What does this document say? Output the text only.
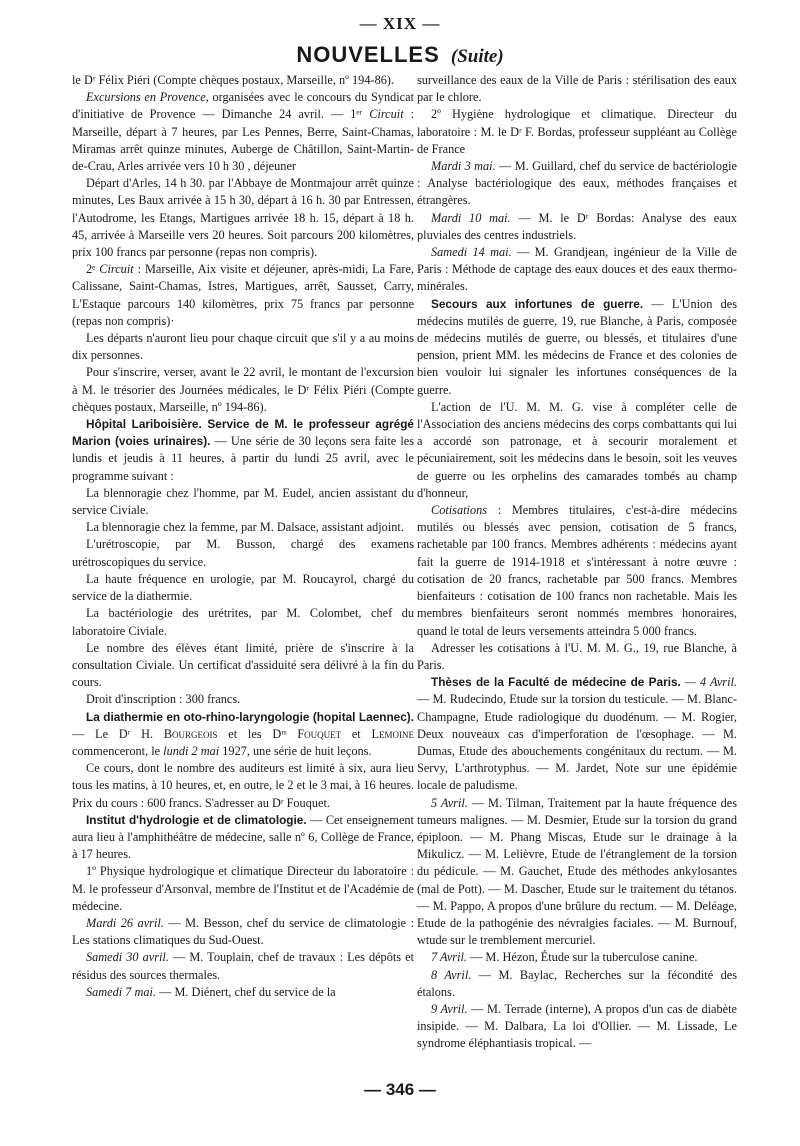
— XIX —
NOUVELLES (Suite)

le Dʳ Félix Piéri (Compte chèques postaux, Marseille, nº 194-86).

Excursions en Provence, organisées avec le concours du Syndicat d'initiative de Provence — Dimanche 24 avril. — 1ᵉʳ Circuit : Marseille, départ à 7 heures, par Les Pennes, Berre, Saint-Chamas, Miramas arrêt quinze minutes, Auberge de Châtillon, Saint-Martin-de-Crau, Arles arrivée vers 10 h 30 , déjeuner

Départ d'Arles, 14 h 30. par l'Abbaye de Montmajour arrêt quinze minutes, Les Baux arrivée à 15 h 30, départ à 16 h. 30 par Entressen, l'Autodrome, les Etangs, Martigues arrivée 18 h. 15, départ à 18 h. 45, arrivée à Marseille vers 20 heures. Soit parcours 200 kilomètres, prix 100 francs par personne (repas non compris).

2ᵉ Circuit : Marseille, Aix visite et déjeuner, après-midi, La Fare, Calissane, Saint-Chamas, Istres, Martigues, arrêt, Sausset, Carry, L'Estaque parcours 140 kilomètres, prix 75 francs par personne (repas non compris)·

Les départs n'auront lieu pour chaque circuit que s'il y a au moins dix personnes.

Pour s'inscrire, verser, avant le 22 avril, le montant de l'excursion à M. le trésorier des Journées médicales, le Dʳ Félix Piéri (Compte chèques postaux, Marseille, nº 194-86).

Hôpital Lariboisière. Service de M. le professeur agrégé Marion (voies urinaires). — Une série de 30 leçons sera faite les lundis et jeudis à 11 heures, à partir du lundi 25 avril, avec le programme suivant :

La blennoragie chez l'homme, par M. Eudel, ancien assistant du service Civiale.

La blennoragie chez la femme, par M. Dalsace, assistant adjoint.

L'urétroscopie, par M. Busson, chargé des examens urétroscopiques du service.

La haute fréquence en urologie, par M. Roucayrol, chargé du service de la diathermie.

La bactériologie des urétrites, par M. Colombet, chef du laboratoire Civiale.

Le nombre des élèves étant limité, prière de s'inscrire à la consultation Civiale. Un certificat d'assiduité sera délivré à la fin du cours.

Droit d'inscription : 300 francs.

La diathermie en oto-rhino-laryngologie (hopital Laennec). — Le Dʳ H. Bourgeois et les Dʳˢ Fouquet et Lemoine commenceront, le lundi 2 mai 1927, une série de huit leçons.

Ce cours, dont le nombre des auditeurs est limité à six, aura lieu tous les matins, à 10 heures, et, en outre, le 2 et le 3 mai, à 16 heures. Prix du cours : 600 francs. S'adresser au Dʳ Fouquet.

Institut d'hydrologie et de climatologie. — Cet enseignement aura lieu à l'amphithéâtre de médecine, salle nº 6, Collège de France, à 17 heures.

1º Physique hydrologique et climatique Directeur du laboratoire : M. le professeur d'Arsonval, membre de l'Institut et de l'Académie de médecine.

Mardi 26 avril. — M. Besson, chef du service de climatologie : Les stations climatiques du Sud-Ouest.

Samedi 30 avril. — M. Touplain, chef de travaux : Les dépôts et résidus des sources thermales.

Samedi 7 mai. — M. Diénert, chef du service de la

surveillance des eaux de la Ville de Paris : stérilisation des eaux par le chlore.

2º Hygiène hydrologique et climatique. Directeur du laboratoire : M. le Dʳ F. Bordas, professeur suppléant au Collège de France

Mardi 3 mai. — M. Guillard, chef du service de bactériologie : Analyse bactériologique des eaux, méthodes françaises et étrangères.

Mardi 10 mai. — M. le Dʳ Bordas: Analyse des eaux pluviales des centres industriels.

Samedi 14 mai. — M. Grandjean, ingénieur de la Ville de Paris : Méthode de captage des eaux douces et des eaux thermo-minérales.

Secours aux infortunes de guerre. — L'Union des médecins mutilés de guerre, 19, rue Blanche, à Paris, composée de médecins mutilés de guerre, ou blessés, et titulaires d'une pension, prient MM. les médecins de France et des colonies de bien vouloir lui signaler les infortunes conséquences de la guerre.

L'action de l'U. M. M. G. vise à compléter celle de l'Association des anciens médecins des corps combattants qui lui a accordé son patronage, et à secourir moralement et pécuniairement, soit les médecins dans le besoin, soit les veuves de guerre ou les orphelins des camarades tombés au champ d'honneur,

Cotisations : Membres titulaires, c'est-à-dire médecins mutilés ou blessés avec pension, cotisation de 5 francs, rachetable par 100 francs. Membres adhérents : médecins ayant fait la guerre de 1914-1918 et s'intéressant à notre œuvre : cotisation de 20 francs, rachetable par 500 francs. Membres bienfaiteurs : cotisation de 100 francs non rachetable. Mais les membres bienfaiteurs seront nommés membres honoraires, quand le total de leurs versements atteindra 5 000 francs.

Adresser les cotisations à l'U. M. M. G., 19, rue Blanche, à Paris.

Thèses de la Faculté de médecine de Paris. — 4 Avril. — M. Rudecindo, Etude sur la torsion du testicule. — M. Blanc-Champagne, Etude radiologique du duodénum. — M. Rogier, Deux nouveaux cas d'imperforation de l'œsophage. — M. Dumas, Etude des abouchements congénitaux du rectum. — M. Servy, L'arthrotyphus. — M. Jardet, Note sur une épidémie locale de paludisme.

5 Avril. — M. Tilman, Traitement par la haute fréquence des tumeurs malignes. — M. Desmier, Etude sur la torsion du grand épiploon. — M. Phang Miscas, Etude sur le drainage à la Mikulicz. — M. Lelièvre, Etude de l'étranglement de la torsion du pédicule. — M. Gauchet, Etude des méthodes ankylosantes (mal de Pott). — M. Dascher, Etude sur le traitement du tétanos. — M. Pappo, A propos d'une brûlure du rectum. — M. Deléage, Etude de la pathogénie des névralgies faciales. — M. Burnouf, wtude sur le tremblement mercuriel.

7 Avril. — M. Hézon, Étude sur la tuberculose canine.

8 Avril. — M. Baylac, Recherches sur la fécondité des étalons.

9 Avril. — M. Terrade (interne), A propos d'un cas de diabète insipide. — M. Dalbara, La loi d'Ollier. — M. Lissade, Le syndrome éléphantiasis tropical. —

— 346 —
